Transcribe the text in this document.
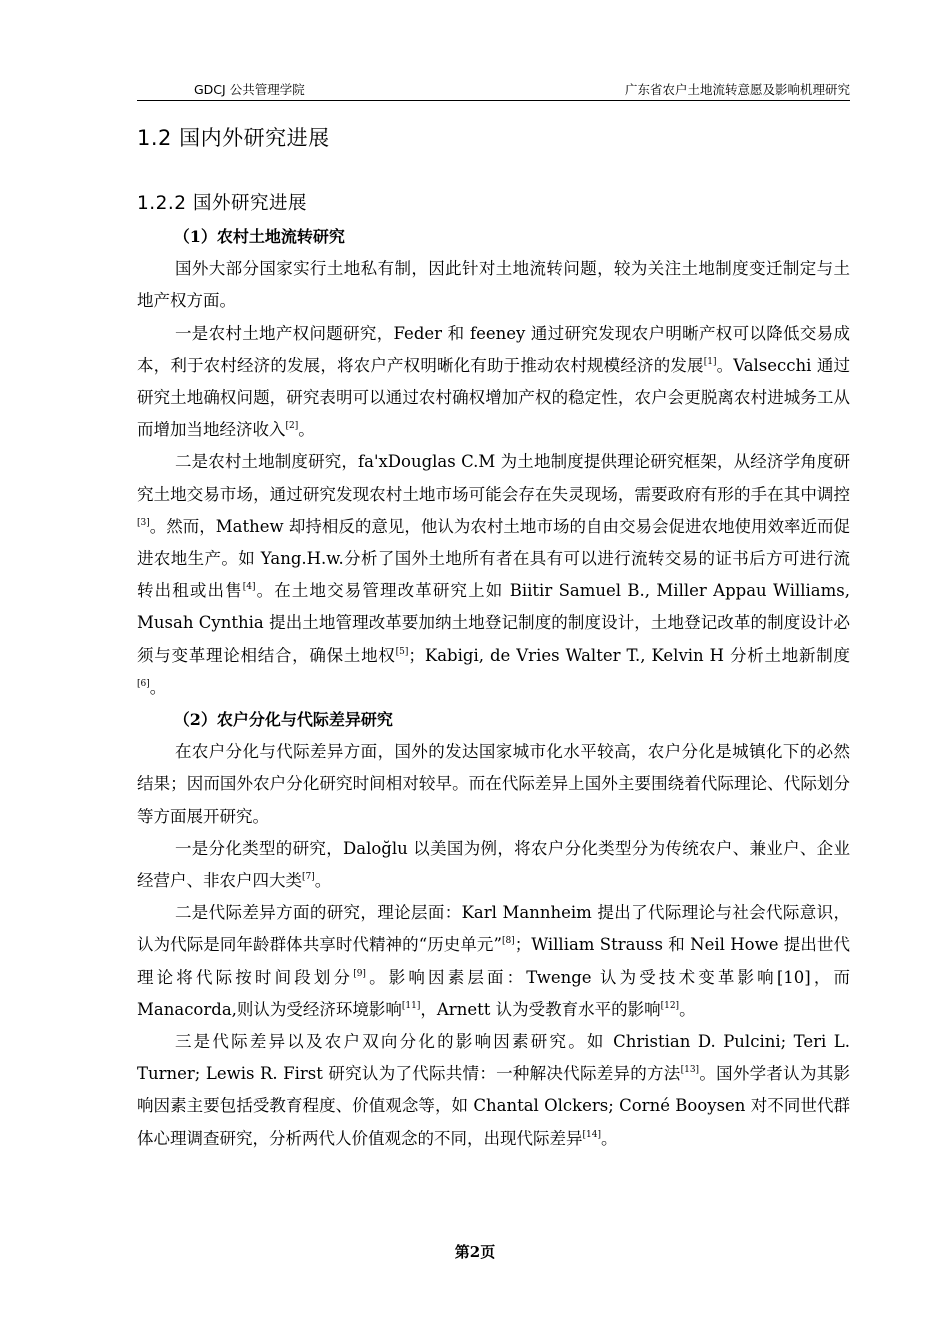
GDCJ 公共管理学院	广东省农户土地流转意愿及影响机理研究
1.2 国内外研究进展
1.2.2 国外研究进展

（1）农村土地流转研究

国外大部分国家实行土地私有制，因此针对土地流转问题，较为关注土地制度变迁制定与土地产权方面。

一是农村土地产权问题研究，Feder 和 feeney 通过研究发现农户明晰产权可以降低交易成本，利于农村经济的发展，将农户产权明晰化有助于推动农村规模经济的发展[1]。Valsecchi 通过研究土地确权问题，研究表明可以通过农村确权增加产权的稳定性，农户会更脱离农村进城务工从而增加当地经济收入[2]。

二是农村土地制度研究，fa'xDouglas C.M 为土地制度提供理论研究框架，从经济学角度研究土地交易市场，通过研究发现农村土地市场可能会存在失灵现场，需要政府有形的手在其中调控[3]。然而，Mathew 却持相反的意见，他认为农村土地市场的自由交易会促进农地使用效率近而促进农地生产。如 Yang.H.w.分析了国外土地所有者在具有可以进行流转交易的证书后方可进行流转出租或出售[4]。在土地交易管理改革研究上如 Biitir Samuel B., Miller Appau Williams, Musah Cynthia 提出土地管理改革要加纳土地登记制度的制度设计，土地登记改革的制度设计必须与变革理论相结合，确保土地权[5]；Kabigi, de Vries Walter T., Kelvin H 分析土地新制度[6]。

（2）农户分化与代际差异研究

在农户分化与代际差异方面，国外的发达国家城市化水平较高，农户分化是城镇化下的必然结果；因而国外农户分化研究时间相对较早。而在代际差异上国外主要围绕着代际理论、代际划分等方面展开研究。

一是分化类型的研究，Daloğlu 以美国为例，将农户分化类型分为传统农户、兼业户、企业经营户、非农户四大类[7]。

二是代际差异方面的研究，理论层面：Karl Mannheim 提出了代际理论与社会代际意识，认为代际是同年龄群体共享时代精神的“历史单元”[8]；William Strauss 和 Neil Howe 提出世代理论将代际按时间段划分[9]。影响因素层面：Twenge 认为受技术变革影响[10]，而 Manacorda,则认为受经济环境影响[11]，Arnett 认为受教育水平的影响[12]。

三是代际差异以及农户双向分化的影响因素研究。如 Christian D. Pulcini; Teri L. Turner; Lewis R. First 研究认为了代际共情：一种解决代际差异的方法[13]。国外学者认为其影响因素主要包括受教育程度、价值观念等，如 Chantal Olckers; Corné Booysen 对不同世代群体心理调查研究，分析两代人价值观念的不同，出现代际差异[14]。

第2页
